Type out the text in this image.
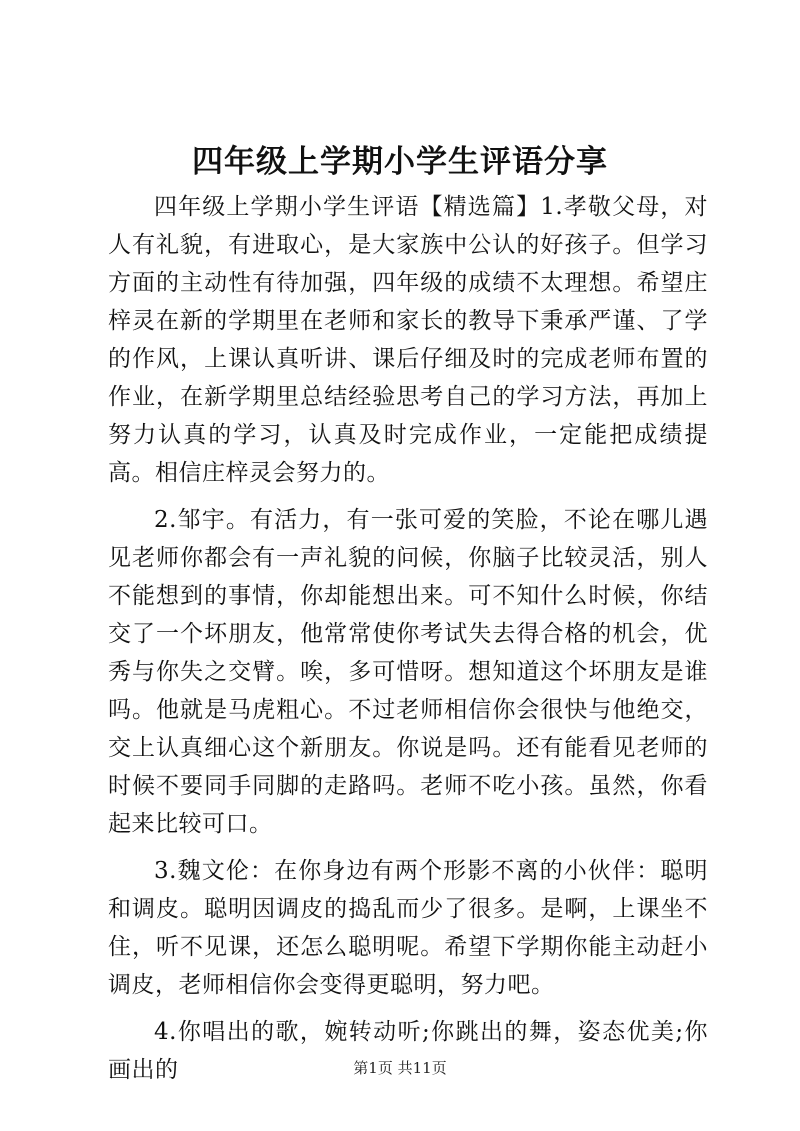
四年级上学期小学生评语分享

四年级上学期小学生评语【精选篇】1.孝敬父母，对人有礼貌，有进取心，是大家族中公认的好孩子。但学习方面的主动性有待加强，四年级的成绩不太理想。希望庄梓灵在新的学期里在老师和家长的教导下秉承严谨、了学的作风，上课认真听讲、课后仔细及时的完成老师布置的作业，在新学期里总结经验思考自己的学习方法，再加上努力认真的学习，认真及时完成作业，一定能把成绩提高。相信庄梓灵会努力的。

2.邹宇。有活力，有一张可爱的笑脸，不论在哪儿遇见老师你都会有一声礼貌的问候，你脑子比较灵活，别人不能想到的事情，你却能想出来。可不知什么时候，你结交了一个坏朋友，他常常使你考试失去得合格的机会，优秀与你失之交臂。唉，多可惜呀。想知道这个坏朋友是谁吗。他就是马虎粗心。不过老师相信你会很快与他绝交，交上认真细心这个新朋友。你说是吗。还有能看见老师的时候不要同手同脚的走路吗。老师不吃小孩。虽然，你看起来比较可口。

3.魏文伦：在你身边有两个形影不离的小伙伴：聪明和调皮。聪明因调皮的捣乱而少了很多。是啊，上课坐不住，听不见课，还怎么聪明呢。希望下学期你能主动赶小调皮，老师相信你会变得更聪明，努力吧。

4.你唱出的歌，婉转动听;你跳出的舞，姿态优美;你画出的	第1页 共11页
